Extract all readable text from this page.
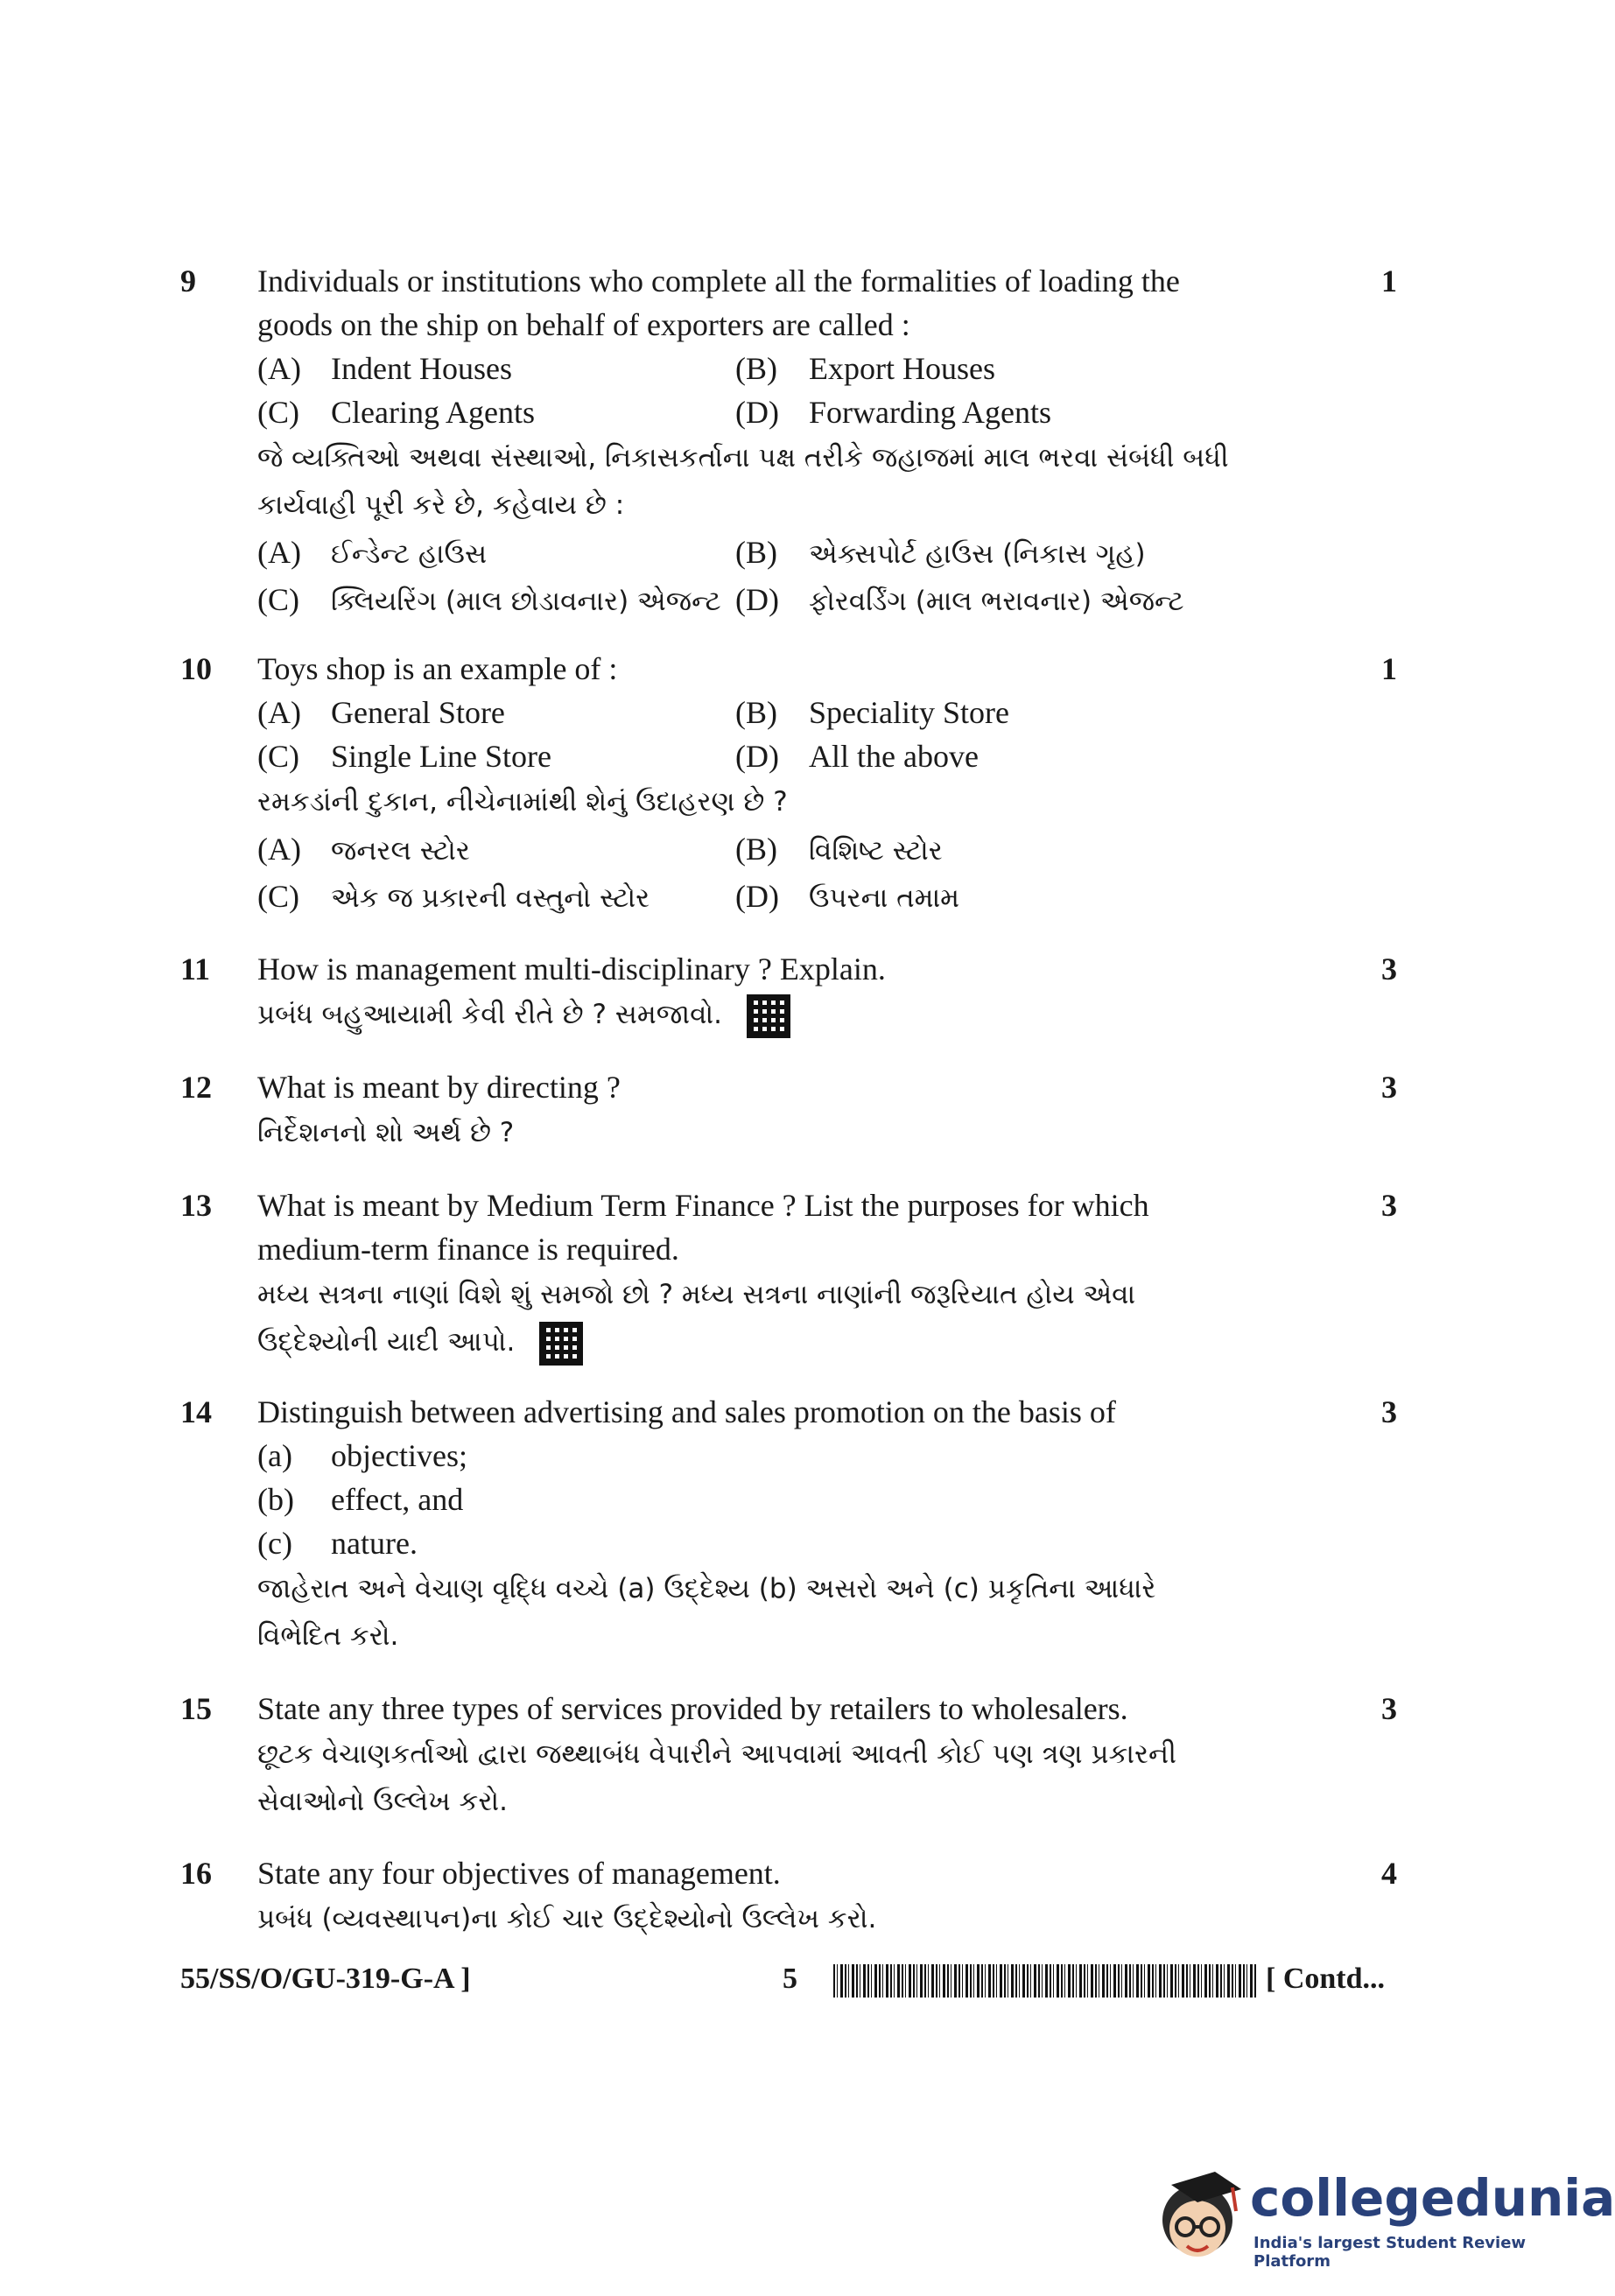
9	1
Individuals or institutions who complete all the formalities of loading the
goods on the ship on behalf of exporters are called :
(A) Indent Houses	(B) Export Houses
(C) Clearing Agents	(D) Forwarding Agents
જે વ્યક્તિઓ અથવા સંસ્થાઓ, નિકાસકર્તાના પક્ષ તરીકે જહાજમાં માલ ભરવા સંબંધી બધી
કાર્યવાહી પૂરી કરે છે, કહેવાય છે :
(A) ઈન્ડેન્ટ હાઉસ	(B) એક્સપોર્ટ હાઉસ (નિકાસ ગૃહ)
(C) ક્લિયરિંગ (માલ છોડાવનાર) એજન્ટ (D) ફોરવર્ડિંગ (માલ ભરાવનાર) એજન્ટ
10	1
Toys shop is an example of :
(A) General Store	(B) Speciality Store
(C) Single Line Store	(D) All the above
રમકડાંની દુકાન, નીચેનામાંથી શેનું ઉદાહરણ છે ?
(A) જનરલ સ્ટોર	(B) વિશિષ્ટ સ્ટોર
(C) એક જ પ્રકારની વસ્તુનો સ્ટોર	(D) ઉપરના તમામ
11	3
How is management multi-disciplinary ? Explain.
પ્રબંધ બહુઆયામી કેવી રીતે છે ? સમજાવો.
12	3
What is meant by directing ?
નિર્દેશનનો શો અર્થ છે ?
13	3
What is meant by Medium Term Finance ? List the purposes for which
medium-term finance is required.
મધ્ય સત્રના નાણાં વિશે શું સમજો છો ? મધ્ય સત્રના નાણાંની જરૂરિયાત હોય એવા
ઉદ્દેશ્યોની યાદી આપો.
14	3
Distinguish between advertising and sales promotion on the basis of
(a) objectives;
(b) effect, and
(c) nature.
જાહેરાત અને વેચાણ વૃદ્ધિ વચ્ચે (a) ઉદ્દેશ્ય (b) અસરો અને (c) પ્રકૃતિના આધારે
વિભેદિત કરો.
15	3
State any three types of services provided by retailers to wholesalers.
છૂટક વેચાણકર્તાઓ દ્વારા જથ્થાબંધ વેપારીને આપવામાં આવતી કોઈ પણ ત્રણ પ્રકારની
સેવાઓનો ઉલ્લેખ કરો.
16	4
State any four objectives of management.
પ્રબંધ (વ્યવસ્થાપન)ના કોઈ ચાર ઉદ્દેશ્યોનો ઉલ્લેખ કરો.
55/SS/O/GU-319-G-A ]	5	[ Contd...
collegedunia
India's largest Student Review Platform
